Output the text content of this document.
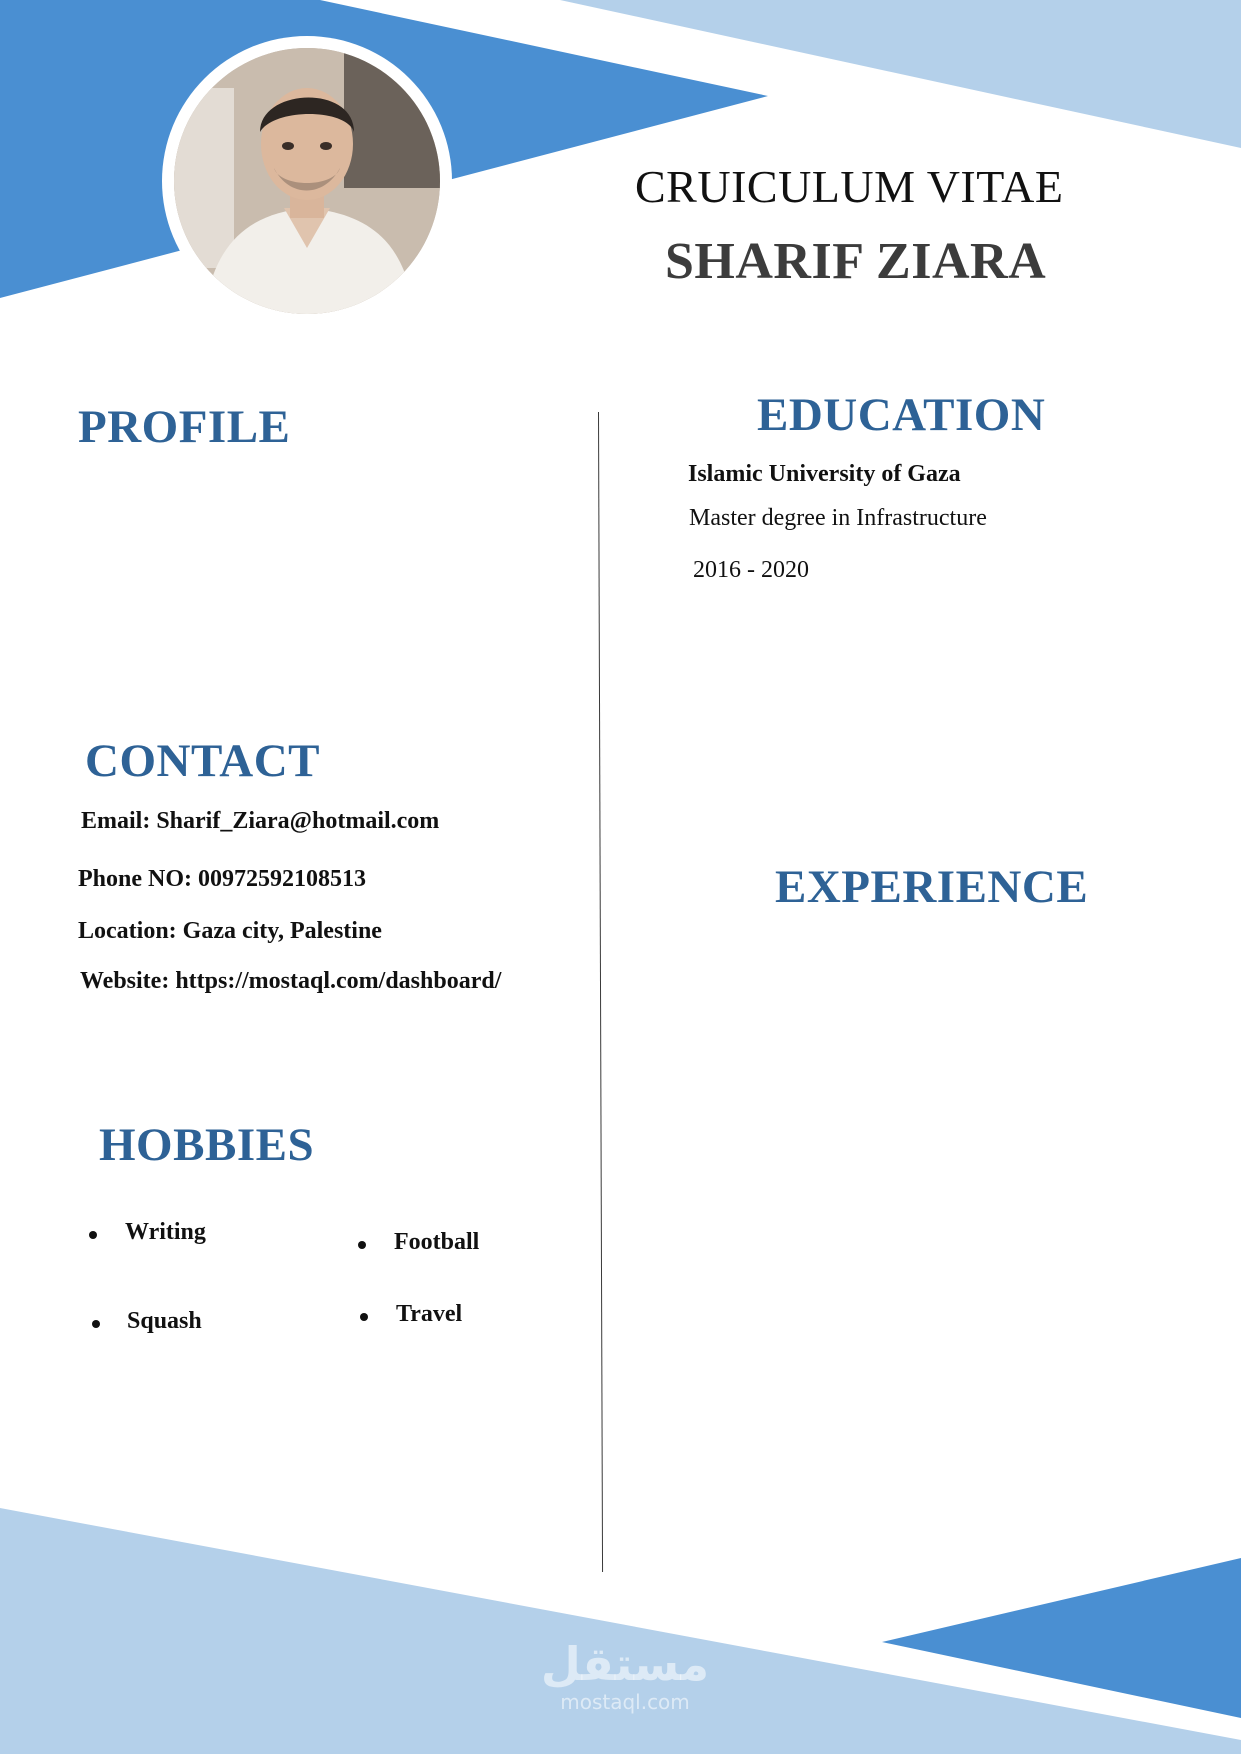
CRUICULUM VITAE
SHARIF ZIARA
PROFILE
CONTACT
Email: Sharif_Ziara@hotmail.com
Phone NO: 00972592108513
Location: Gaza city, Palestine
Website: https://mostaql.com/dashboard/
HOBBIES
Writing	Football
Squash	Travel
EDUCATION
Islamic University of Gaza
Master degree in Infrastructure
2016 - 2020
EXPERIENCE
مستقل
mostaql.com
